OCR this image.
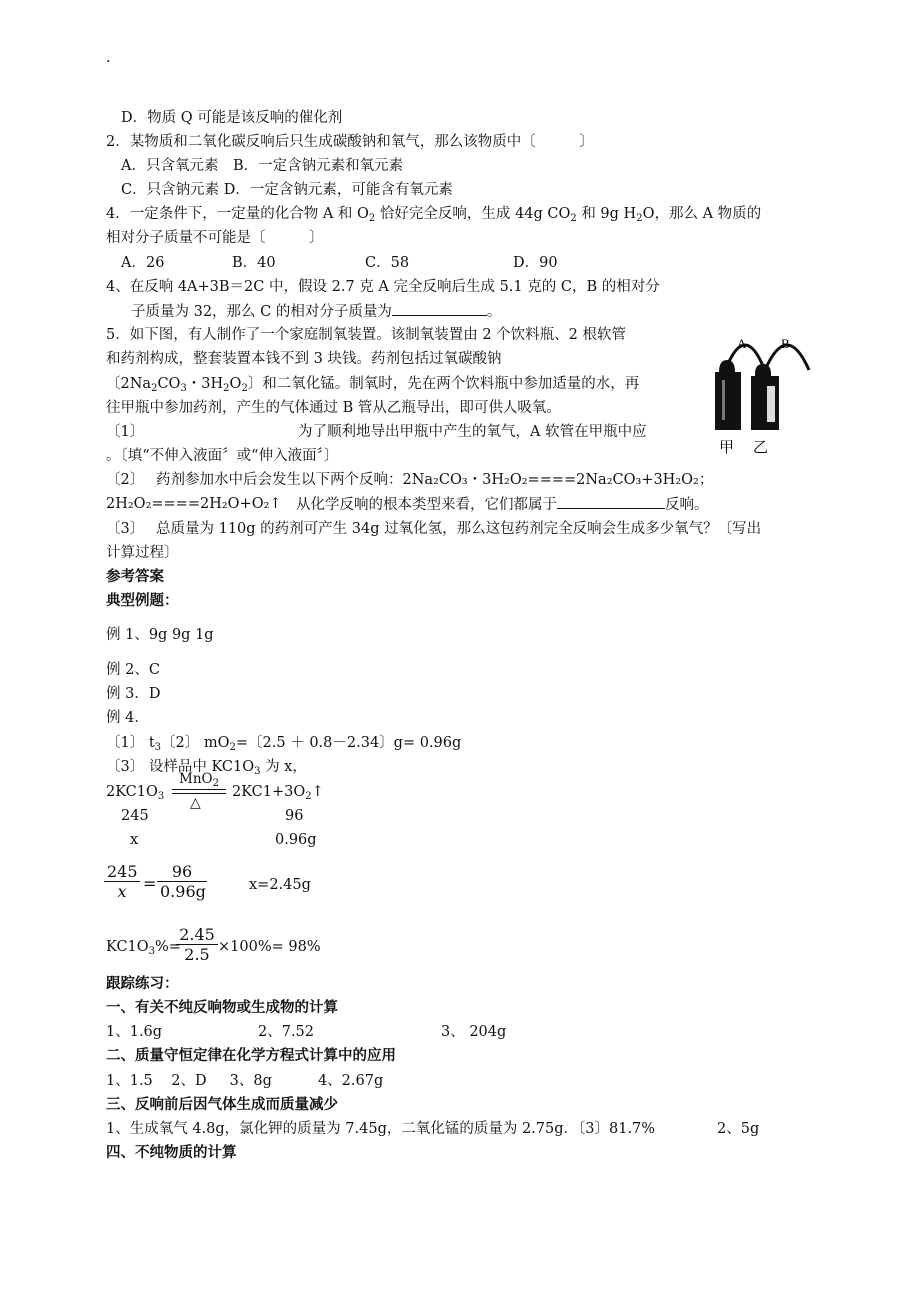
.
D．物质 Q 可能是该反响的催化剂
2．某物质和二氧化碳反响后只生成碳酸钠和氧气，那么该物质中〔　　　〕
A．只含氧元素　B．一定含钠元素和氧元素
C．只含钠元素 D．一定含钠元素，可能含有氧元素
4．一定条件下，一定量的化合物 A 和 $O_2$ 恰好完全反响，生成 44g $CO_2$ 和 9g $H_2O$，那么 A 物质的
相对分子质量不可能是〔　　　〕
A．26	B．40	C．58	D．90
4、在反响 4A+3B＝2C 中，假设 2.7 克 A 完全反响后生成 5.1 克的 C，B 的相对分
子质量为 32，那么 C 的相对分子质量为	。
5．如下图，有人制作了一个家庭制氧装置。该制氧装置由 2 个饮料瓶、2 根软管
和药剂构成，整套装置本钱不到 3 块钱。药剂包括过氧碳酸钠
〔$2Na_2CO_3$・$3H_2O_2$〕和二氧化锰。制氧时，先在两个饮料瓶中参加适量的水，再
往甲瓶中参加药剂，产生的气体通过 B 管从乙瓶导出，即可供人吸氧。
〔1〕	为了顺利地导出甲瓶中产生的氧气，A 软管在甲瓶中应
。〔填“不伸入液面〞或“伸入液面〞〕
〔2〕 药剂参加水中后会发生以下两个反响：2Na₂CO₃・3H₂O₂====2Na₂CO₃+3H₂O₂；
2H₂O₂====2H₂O+O₂↑ 从化学反响的根本类型来看，它们都属于	反响。
〔3〕 总质量为 110g 的药剂可产生 34g 过氧化氢，那么这包药剂完全反响会生成多少氧气？〔写出
计算过程〕
A	B
甲 乙
参考答案
典型例题：
例 1、9g 9g 1g
例 2、C
例 3．D
例 4．
〔1〕 $t_3$〔2〕 $mO_2=$〔2.5 ＋ 0.8－2.34〕g= 0.96g
〔3〕 设样品中 $KC1O_3$ 为 x，
$2KC1O_3$
MnO$_2$
△
$2KC1+3O_2↑$
245	96
x	0.96g
245
x	=
96
0.96g	x=2.45g
$KC1O_3\%=$
2.45
2.5 ×100%= 98%
跟踪练习：
一、有关不纯反响物或生成物的计算
1、1.6g	2、7.52	3、 204g
二、质量守恒定律在化学方程式计算中的应用
1、1.5    2、D     3、8g          4、2.67g
三、反响前后因气体生成而质量减少
1、生成氧气 4.8g，氯化钾的质量为 7.45g，二氧化锰的质量为 2.75g．〔3〕81.7%	2、5g
四、不纯物质的计算
